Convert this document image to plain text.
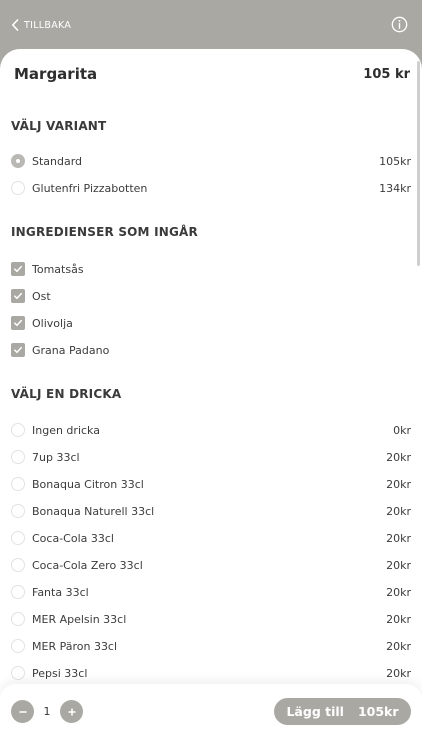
TILLBAKA
Margarita	105 kr
VÄLJ VARIANT
Standard	105kr
Glutenfri Pizzabotten	134kr
INGREDIENSER SOM INGÅR
Tomatsås
Ost
Olivolja
Grana Padano
VÄLJ EN DRICKA
Ingen dricka	0kr
7up 33cl	20kr
Bonaqua Citron 33cl	20kr
Bonaqua Naturell 33cl	20kr
Coca-Cola 33cl	20kr
Coca-Cola Zero 33cl	20kr
Fanta 33cl	20kr
MER Apelsin 33cl	20kr
MER Päron 33cl	20kr
Pepsi 33cl	20kr
1	Lägg till 105kr
